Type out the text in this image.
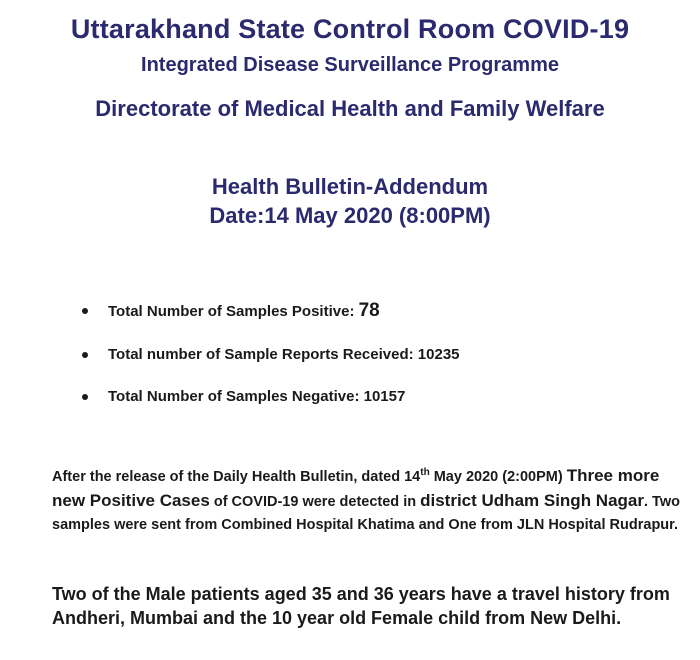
Uttarakhand State Control Room COVID-19
Integrated Disease Surveillance Programme
Directorate of Medical Health and Family Welfare
Health Bulletin-Addendum
Date:14 May 2020 (8:00PM)
Total Number of Samples Positive: 78
Total number of Sample Reports Received: 10235
Total Number of Samples Negative: 10157

After the release of the Daily Health Bulletin, dated 14th May 2020 (2:00PM) Three more new Positive Cases of COVID-19 were detected in district Udham Singh Nagar. Two samples were sent from Combined Hospital Khatima and One from JLN Hospital Rudrapur.

Two of the Male patients aged 35 and 36 years have a travel history from Andheri, Mumbai and the 10 year old Female child from New Delhi.
